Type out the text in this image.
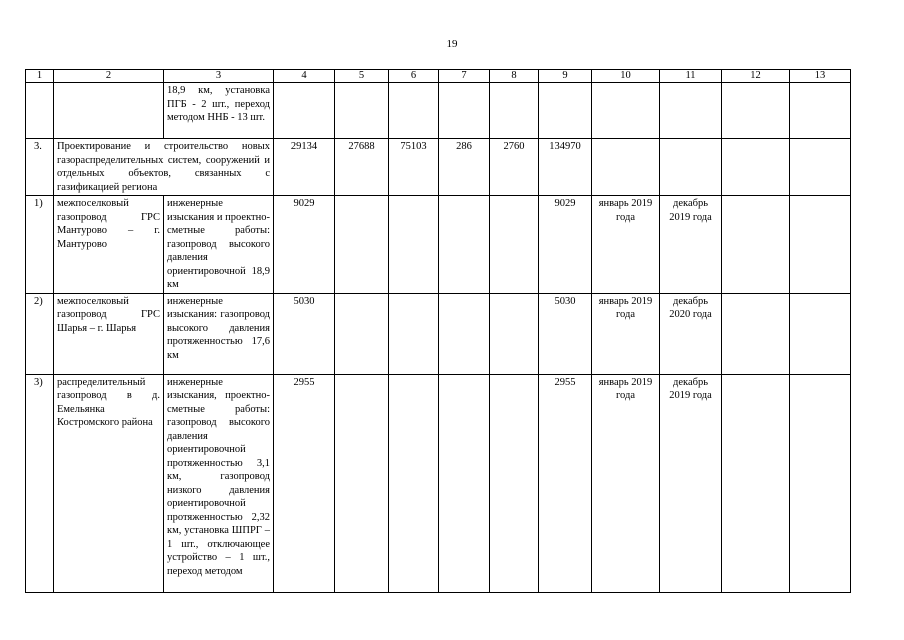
19
1	2	3	4	5	6	7	8	9	10	11	12	13
		18,9 км, установка ПГБ - 2 шт., переход методом ННБ - 13 шт.										
3.	Проектирование и строительство новых газораспределительных систем, сооружений и отдельных объектов, связанных с газификацией региона		29134	27688	75103	286	2760	134970				
1)	межпоселковый газопровод ГРС Мантурово – г. Мантурово	инженерные изыскания и проектно-сметные работы: газопровод высокого давления ориентировочной 18,9 км	9029					9029	январь 2019 года	декабрь 2019 года		
2)	межпоселковый газопровод ГРС Шарья – г. Шарья	инженерные изыскания: газопровод высокого давления протяженностью 17,6 км	5030					5030	январь 2019 года	декабрь 2020 года		
3)	распределительный газопровод в д. Емельянка Костромского района	инженерные изыскания, проектно-сметные работы: газопровод высокого давления ориентировочной протяженностью 3,1 км, газопровод низкого давления ориентировочной протяженностью 2,32 км, установка ШПРГ – 1 шт., отключающее устройство – 1 шт., переход методом	2955					2955	январь 2019 года	декабрь 2019 года		
